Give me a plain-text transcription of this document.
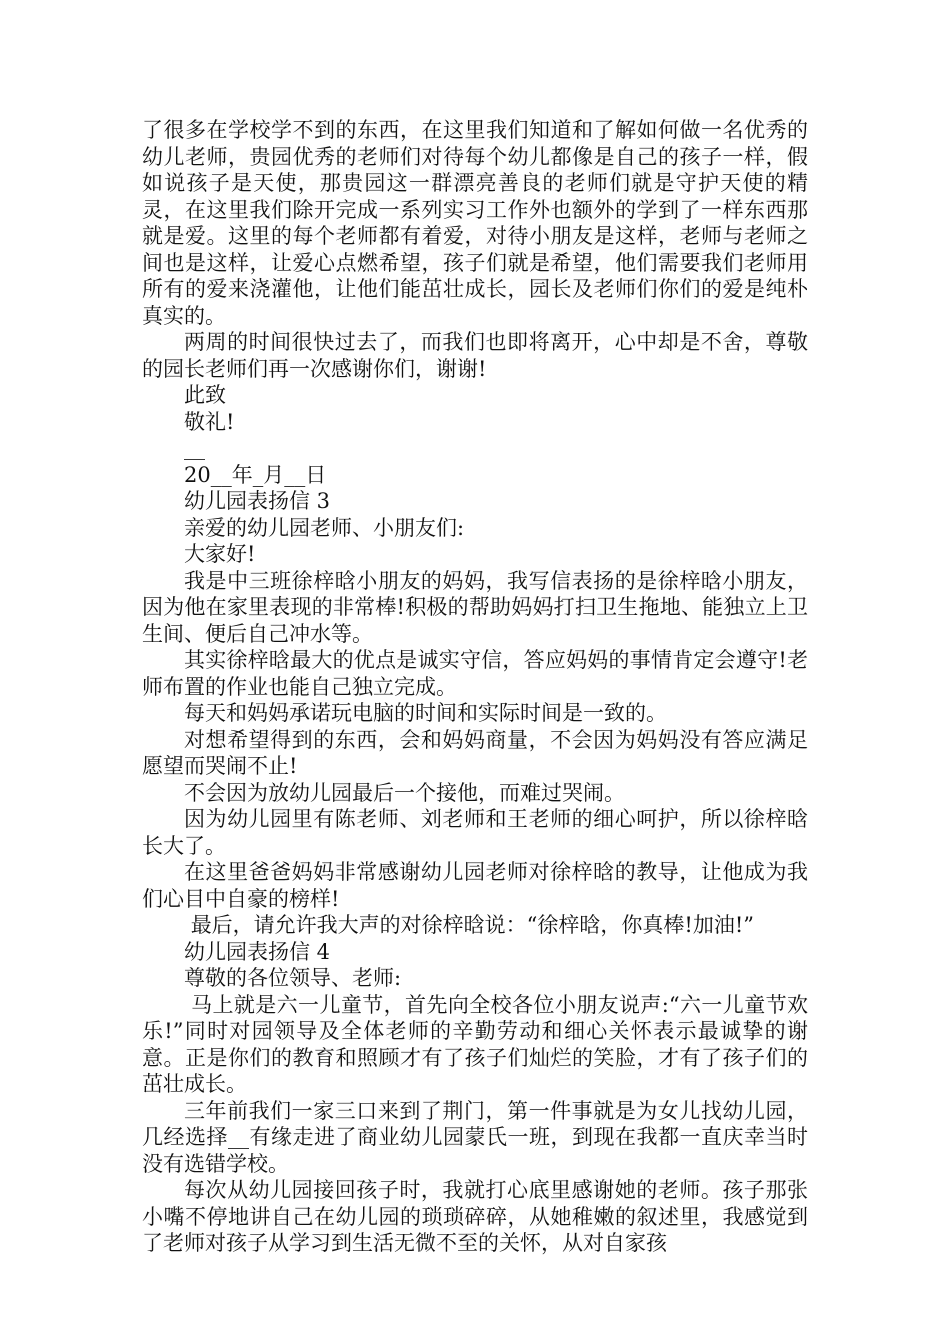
了很多在学校学不到的东西，在这里我们知道和了解如何做一名优秀的幼儿老师，贵园优秀的老师们对待每个幼儿都像是自己的孩子一样，假如说孩子是天使，那贵园这一群漂亮善良的老师们就是守护天使的精灵，在这里我们除开完成一系列实习工作外也额外的学到了一样东西那就是爱。这里的每个老师都有着爱，对待小朋友是这样，老师与老师之间也是这样，让爱心点燃希望，孩子们就是希望，他们需要我们老师用所有的爱来浇灌他，让他们能茁壮成长，园长及老师们你们的爱是纯朴真实的。

两周的时间很快过去了，而我们也即将离开，心中却是不舍，尊敬的园长老师们再一次感谢你们，谢谢!

此致

敬礼!

__

20__年_月__日

幼儿园表扬信 3

亲爱的幼儿园老师、小朋友们:

大家好!

我是中三班徐梓晗小朋友的妈妈，我写信表扬的是徐梓晗小朋友，因为他在家里表现的非常棒!积极的帮助妈妈打扫卫生拖地、能独立上卫生间、便后自己冲水等。

其实徐梓晗最大的优点是诚实守信，答应妈妈的事情肯定会遵守!老师布置的作业也能自己独立完成。

每天和妈妈承诺玩电脑的时间和实际时间是一致的。

对想希望得到的东西，会和妈妈商量，不会因为妈妈没有答应满足愿望而哭闹不止!

不会因为放幼儿园最后一个接他，而难过哭闹。

因为幼儿园里有陈老师、刘老师和王老师的细心呵护，所以徐梓晗长大了。

在这里爸爸妈妈非常感谢幼儿园老师对徐梓晗的教导，让他成为我们心目中自豪的榜样!

最后，请允许我大声的对徐梓晗说：“徐梓晗，你真棒!加油!”

幼儿园表扬信 4

尊敬的各位领导、老师:

马上就是六一儿童节，首先向全校各位小朋友说声:“六一儿童节欢乐!”同时对园领导及全体老师的辛勤劳动和细心关怀表示最诚挚的谢意。正是你们的教育和照顾才有了孩子们灿烂的笑脸，才有了孩子们的茁壮成长。

三年前我们一家三口来到了荆门，第一件事就是为女儿找幼儿园，几经选择__有缘走进了商业幼儿园蒙氏一班，到现在我都一直庆幸当时没有选错学校。

每次从幼儿园接回孩子时，我就打心底里感谢她的老师。孩子那张小嘴不停地讲自己在幼儿园的琐琐碎碎，从她稚嫩的叙述里，我感觉到了老师对孩子从学习到生活无微不至的关怀，从对自家孩
